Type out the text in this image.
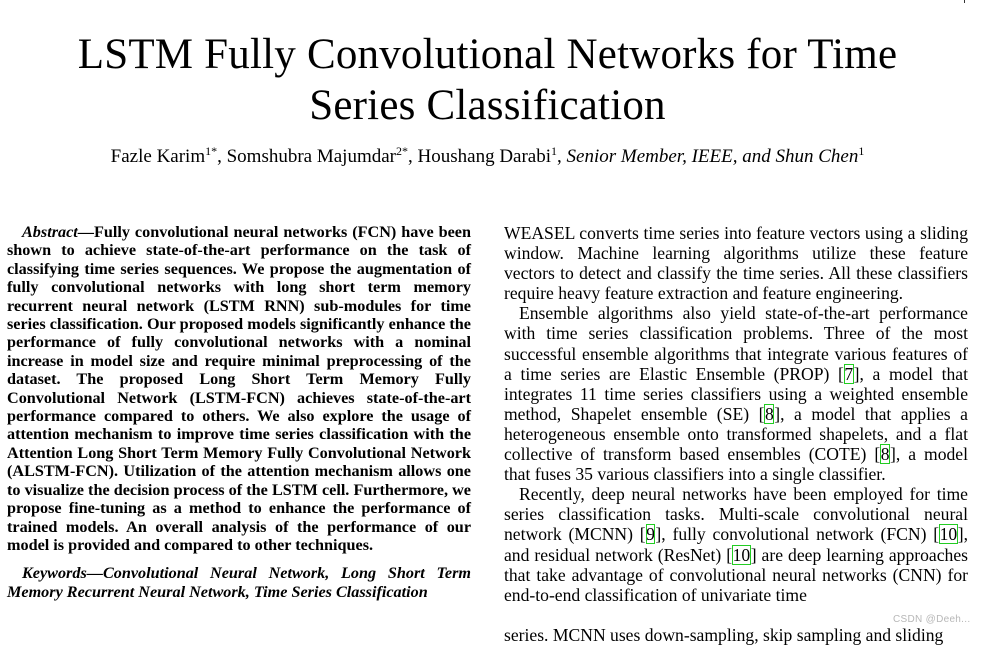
LSTM Fully Convolutional Networks for Time
Series Classification
Fazle Karim$^{1*}$, Somshubra Majumdar$^{2*}$, Houshang Darabi$^1$, Senior Member, IEEE, and Shun Chen$^1$

Abstract—Fully convolutional neural networks (FCN) have been shown to achieve state-of-the-art performance on the task of classifying time series sequences. We propose the augmentation of fully convolutional networks with long short term memory recurrent neural network (LSTM RNN) sub-modules for time series classification. Our proposed models significantly enhance the performance of fully convolutional networks with a nominal increase in model size and require minimal preprocessing of the dataset. The proposed Long Short Term Memory Fully Convolutional Network (LSTM-FCN) achieves state-of-the-art performance compared to others. We also explore the usage of attention mechanism to improve time series classification with the Attention Long Short Term Memory Fully Convolutional Network (ALSTM-FCN). Utilization of the attention mechanism allows one to visualize the decision process of the LSTM cell. Furthermore, we propose fine-tuning as a method to enhance the performance of trained models. An overall analysis of the performance of our model is provided and compared to other techniques.

Keywords—Convolutional Neural Network, Long Short Term Memory Recurrent Neural Network, Time Series Classification

WEASEL converts time series into feature vectors using a sliding window. Machine learning algorithms utilize these feature vectors to detect and classify the time series. All these classifiers require heavy feature extraction and feature engineering.

Ensemble algorithms also yield state-of-the-art performance with time series classification problems. Three of the most successful ensemble algorithms that integrate various features of a time series are Elastic Ensemble (PROP) [7], a model that integrates 11 time series classifiers using a weighted ensemble method, Shapelet ensemble (SE) [8], a model that applies a heterogeneous ensemble onto transformed shapelets, and a flat collective of transform based ensembles (COTE) [8], a model that fuses 35 various classifiers into a single classifier.

Recently, deep neural networks have been employed for time series classification tasks. Multi-scale convolutional neural network (MCNN) [9], fully convolutional network (FCN) [10], and residual network (ResNet) [10] are deep learning approaches that take advantage of convolutional neural networks (CNN) for end-to-end classification of univariate time

series. MCNN uses down-sampling, skip sampling and sliding
CSDN @Deeh...
